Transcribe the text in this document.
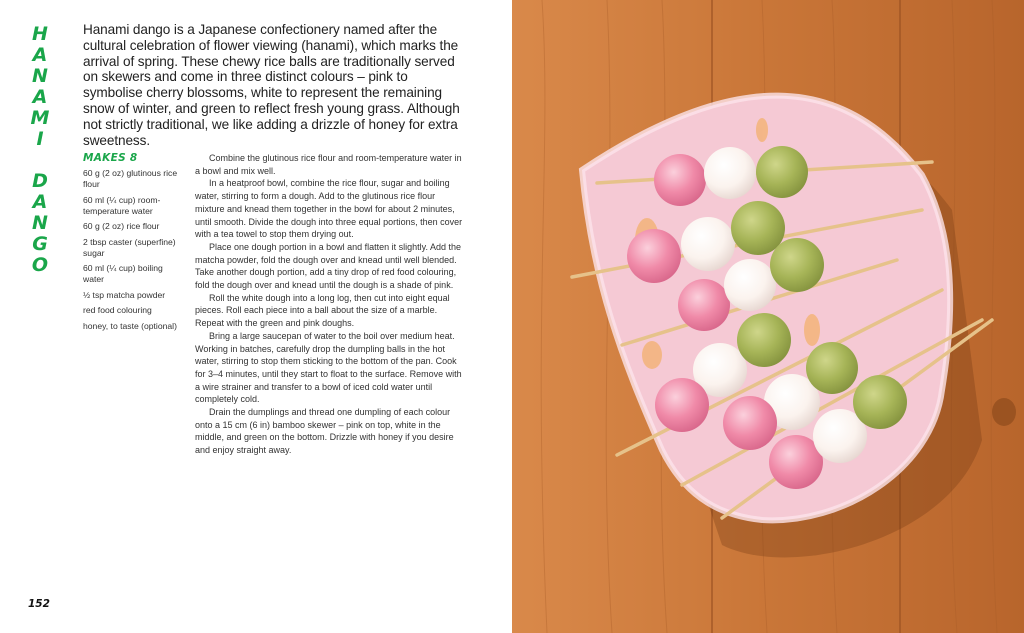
H
A
N
A
M
I
D
A
N
G
O
Hanami dango is a Japanese confectionery named after the cultural celebration of flower viewing (hanami), which marks the arrival of spring. These chewy rice balls are traditionally served on skewers and come in three distinct colours – pink to symbolise cherry blossoms, white to represent the remaining snow of winter, and green to reflect fresh young grass. Although not strictly traditional, we like adding a drizzle of honey for extra sweetness.
MAKES 8
60 g (2 oz) glutinous rice flour
60 ml (¼ cup) room-temperature water
60 g (2 oz) rice flour
2 tbsp caster (superfine) sugar
60 ml (¼ cup) boiling water
½ tsp matcha powder
red food colouring
honey, to taste (optional)

Combine the glutinous rice flour and room-temperature water in a bowl and mix well.

In a heatproof bowl, combine the rice flour, sugar and boiling water, stirring to form a dough. Add to the glutinous rice flour mixture and knead them together in the bowl for about 2 minutes, until smooth. Divide the dough into three equal portions, then cover with a tea towel to stop them drying out.

Place one dough portion in a bowl and flatten it slightly. Add the matcha powder, fold the dough over and knead until well blended. Take another dough portion, add a tiny drop of red food colouring, fold the dough over and knead until the dough is a shade of pink.

Roll the white dough into a long log, then cut into eight equal pieces. Roll each piece into a ball about the size of a marble. Repeat with the green and pink doughs.

Bring a large saucepan of water to the boil over medium heat. Working in batches, carefully drop the dumpling balls in the hot water, stirring to stop them sticking to the bottom of the pan. Cook for 3–4 minutes, until they start to float to the surface. Remove with a wire strainer and transfer to a bowl of iced cold water until completely cold.

Drain the dumplings and thread one dumpling of each colour onto a 15 cm (6 in) bamboo skewer – pink on top, white in the middle, and green on the bottom. Drizzle with honey if you desire and enjoy straight away.

152
